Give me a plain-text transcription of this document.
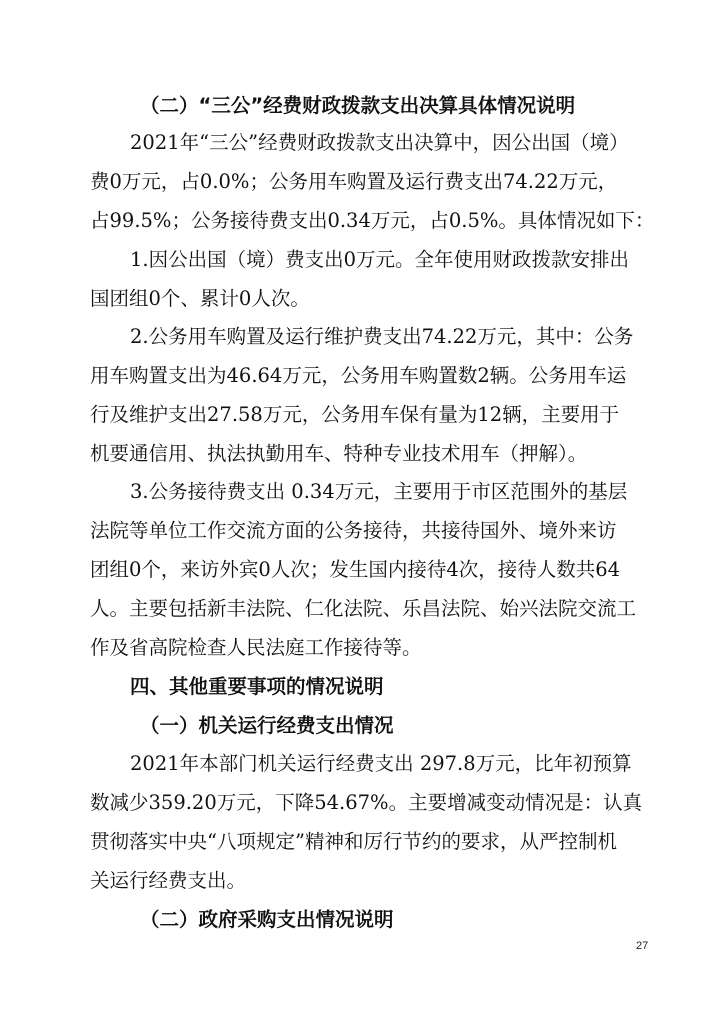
（二）“三公”经费财政拨款支出决算具体情况说明
2021年“三公”经费财政拨款支出决算中，因公出国（境）
费0万元，占0.0%；公务用车购置及运行费支出74.22万元，
占99.5%；公务接待费支出0.34万元，占0.5%。具体情况如下：
1.因公出国（境）费支出0万元。全年使用财政拨款安排出
国团组0个、累计0人次。
2.公务用车购置及运行维护费支出74.22万元，其中：公务
用车购置支出为46.64万元，公务用车购置数2辆。公务用车运
行及维护支出27.58万元，公务用车保有量为12辆，主要用于
机要通信用、执法执勤用车、特种专业技术用车（押解）。
3.公务接待费支出 0.34万元，主要用于市区范围外的基层
法院等单位工作交流方面的公务接待，共接待国外、境外来访
团组0个，来访外宾0人次；发生国内接待4次，接待人数共64
人。主要包括新丰法院、仁化法院、乐昌法院、始兴法院交流工
作及省高院检查人民法庭工作接待等。
四、其他重要事项的情况说明
（一）机关运行经费支出情况
2021年本部门机关运行经费支出 297.8万元，比年初预算
数减少359.20万元，下降54.67%。主要增减变动情况是：认真
贯彻落实中央“八项规定”精神和厉行节约的要求，从严控制机
关运行经费支出。
（二）政府采购支出情况说明
27
